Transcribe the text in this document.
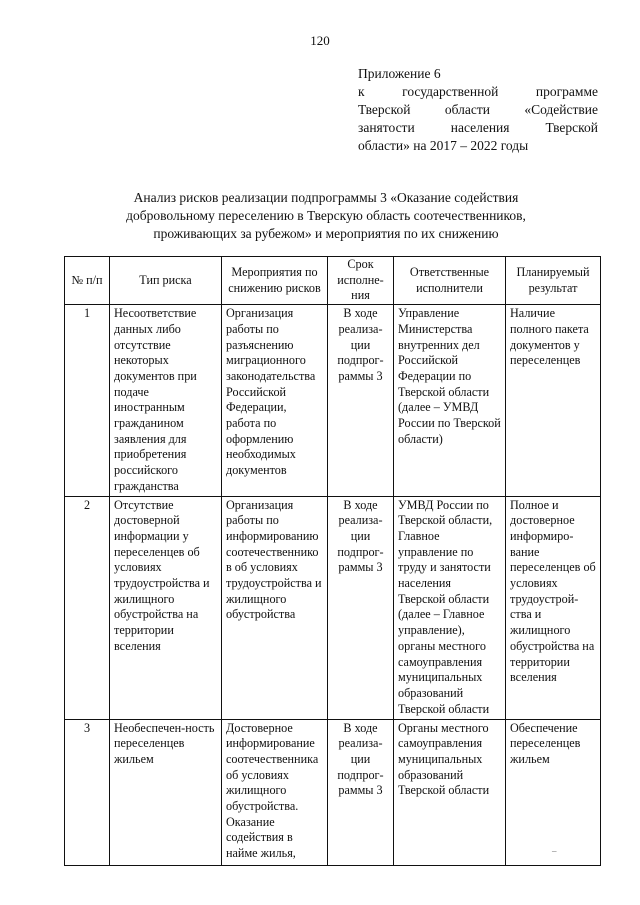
120
Приложение 6
к государственной программе
Тверской области «Содействие
занятости населения Тверской
области» на 2017 – 2022 годы
Анализ рисков реализации подпрограммы 3 «Оказание содействия добровольному переселению в Тверскую область соотечественников, проживающих за рубежом» и мероприятия по их снижению
№ п/п	Тип риска	Мероприятия по снижению рисков	Срок исполне-ния	Ответственные исполнители	Планируемый результат
1	Несоответствие данных либо отсутствие некоторых документов при подаче иностранным гражданином заявления для приобретения российского гражданства	Организация работы по разъяснению миграционного законодательства Российской Федерации, работа по оформлению необходимых документов	В ходе реализа-ции подпрог-раммы 3	Управление Министерства внутренних дел Российской Федерации по Тверской области (далее – УМВД России по Тверской области)	Наличие полного пакета документов у переселенцев
2	Отсутствие достоверной информации у переселенцев об условиях трудоустройства и жилищного обустройства на территории вселения	Организация работы по информированию соотечественнико в об условиях трудоустройства и жилищного обустройства	В ходе реализа-ции подпрог-раммы 3	УМВД России по Тверской области, Главное управление по труду и занятости населения Тверской области (далее – Главное управление), органы местного самоуправления муниципальных образований Тверской области	Полное и достоверное информиро-вание переселенцев об условиях трудоустрой-ства и жилищного обустройства на территории вселения
3	Необеспечен-ность переселенцев жильем	Достоверное информирование соотечественника об условиях жилищного обустройства. Оказание содействия в найме жилья,	В ходе реализа-ции подпрог-раммы 3	Органы местного самоуправления муниципальных образований Тверской области	Обеспечение переселенцев жильем
–
